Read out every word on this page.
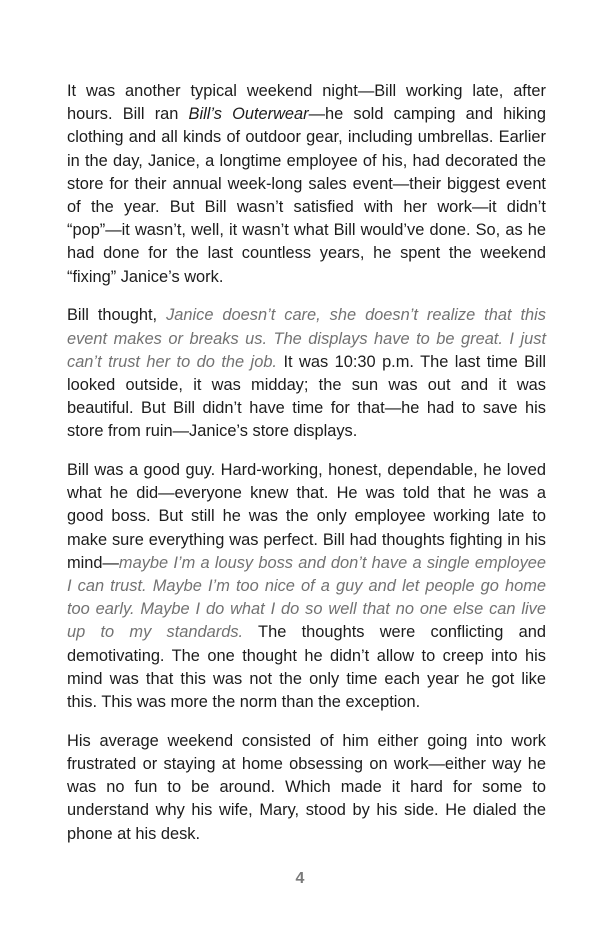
It was another typical weekend night—Bill working late, after hours. Bill ran Bill’s Outerwear—he sold camping and hiking clothing and all kinds of outdoor gear, including umbrellas. Earlier in the day, Janice, a longtime employee of his, had decorated the store for their annual week-long sales event—their biggest event of the year. But Bill wasn’t satisfied with her work—it didn’t “pop”—it wasn’t, well, it wasn’t what Bill would’ve done. So, as he had done for the last countless years, he spent the weekend “fixing” Janice’s work.

Bill thought, Janice doesn’t care, she doesn’t realize that this event makes or breaks us. The displays have to be great. I just can’t trust her to do the job. It was 10:30 p.m. The last time Bill looked outside, it was midday; the sun was out and it was beautiful. But Bill didn’t have time for that—he had to save his store from ruin—Janice’s store displays.

Bill was a good guy. Hard-working, honest, dependable, he loved what he did—everyone knew that. He was told that he was a good boss. But still he was the only employee working late to make sure everything was perfect. Bill had thoughts fighting in his mind—maybe I’m a lousy boss and don’t have a single employee I can trust. Maybe I’m too nice of a guy and let people go home too early. Maybe I do what I do so well that no one else can live up to my standards. The thoughts were conflicting and demotivating. The one thought he didn’t allow to creep into his mind was that this was not the only time each year he got like this. This was more the norm than the exception.

His average weekend consisted of him either going into work frustrated or staying at home obsessing on work—either way he was no fun to be around. Which made it hard for some to understand why his wife, Mary, stood by his side. He dialed the phone at his desk.

4
